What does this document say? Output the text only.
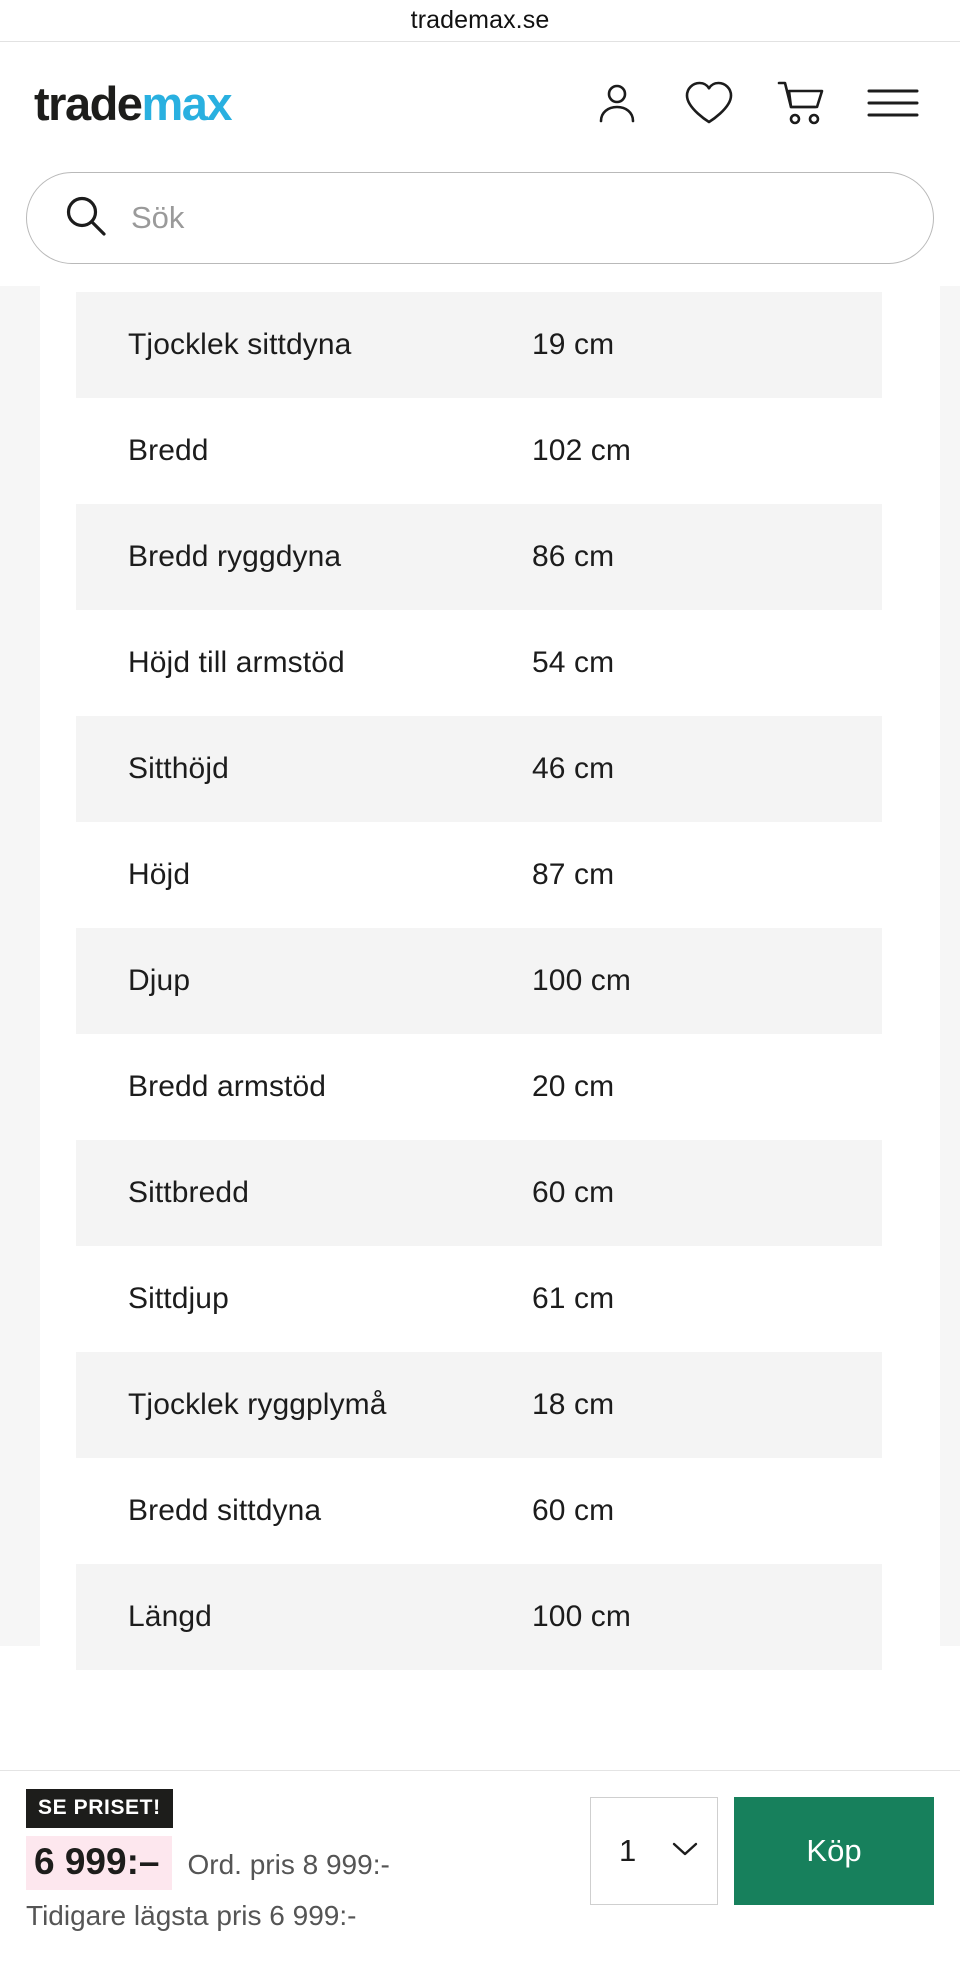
trademax.se
trademax
Sök
Tjocklek sittdyna	19 cm
Bredd	102 cm
Bredd ryggdyna	86 cm
Höjd till armstöd	54 cm
Sitthöjd	46 cm
Höjd	87 cm
Djup	100 cm
Bredd armstöd	20 cm
Sittbredd	60 cm
Sittdjup	61 cm
Tjocklek ryggplymå	18 cm
Bredd sittdyna	60 cm
Längd	100 cm
SE PRISET!
6 999:–	Ord. pris 8 999:-
Tidigare lägsta pris 6 999:-
1	Köp
